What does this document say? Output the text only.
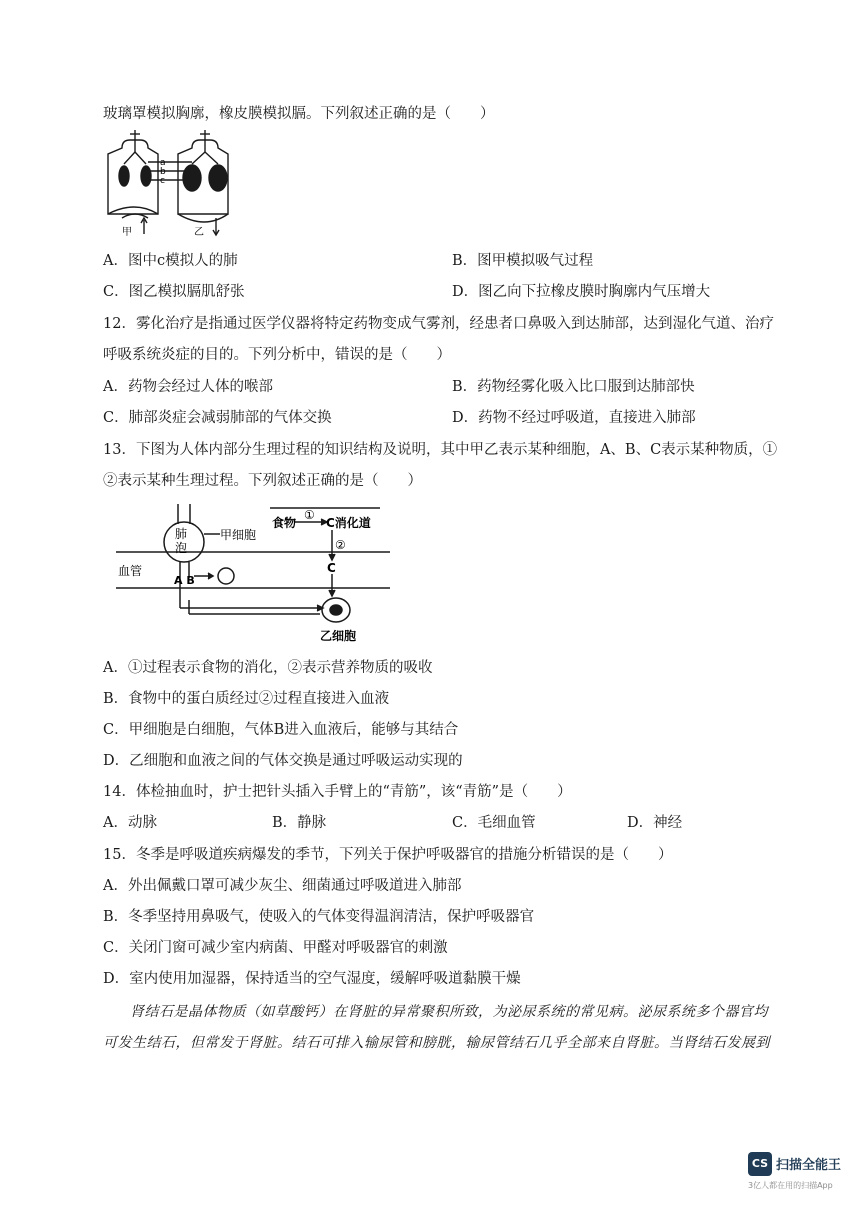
玻璃罩模拟胸廓，橡皮膜模拟膈。下列叙述正确的是（　　）
a
b
c
甲	乙
A．图中c模拟人的肺	B．图甲模拟吸气过程
C．图乙模拟膈肌舒张	D．图乙向下拉橡皮膜时胸廓内气压增大
12．雾化治疗是指通过医学仪器将特定药物变成气雾剂，经患者口鼻吸入到达肺部，达到湿化气道、治疗
呼吸系统炎症的目的。下列分析中，错误的是（　　）
A．药物会经过人体的喉部	B．药物经雾化吸入比口服到达肺部快
C．肺部炎症会减弱肺部的气体交换	D．药物不经过呼吸道，直接进入肺部
13．下图为人体内部分生理过程的知识结构及说明，其中甲乙表示某种细胞，A、B、C表示某种物质，①
②表示某种生理过程。下列叙述正确的是（　　）
肺
泡
甲细胞
血管
A B
食物
①
C消化道
②
C
乙细胞
A．①过程表示食物的消化，②表示营养物质的吸收
B．食物中的蛋白质经过②过程直接进入血液
C．甲细胞是白细胞，气体B进入血液后，能够与其结合
D．乙细胞和血液之间的气体交换是通过呼吸运动实现的
14．体检抽血时，护士把针头插入手臂上的“青筋”，该“青筋”是（　　）
A．动脉	B．静脉	C．毛细血管	D．神经
15．冬季是呼吸道疾病爆发的季节，下列关于保护呼吸器官的措施分析错误的是（　　）
A．外出佩戴口罩可减少灰尘、细菌通过呼吸道进入肺部
B．冬季坚持用鼻吸气，使吸入的气体变得温润清洁，保护呼吸器官
C．关闭门窗可减少室内病菌、甲醛对呼吸器官的刺激
D．室内使用加湿器，保持适当的空气湿度，缓解呼吸道黏膜干燥
肾结石是晶体物质（如草酸钙）在肾脏的异常聚积所致，为泌尿系统的常见病。泌尿系统多个器官均
可发生结石，但常发于肾脏。结石可排入输尿管和膀胱，输尿管结石几乎全部来自肾脏。当肾结石发展到
CS 扫描全能王
3亿人都在用的扫描App
